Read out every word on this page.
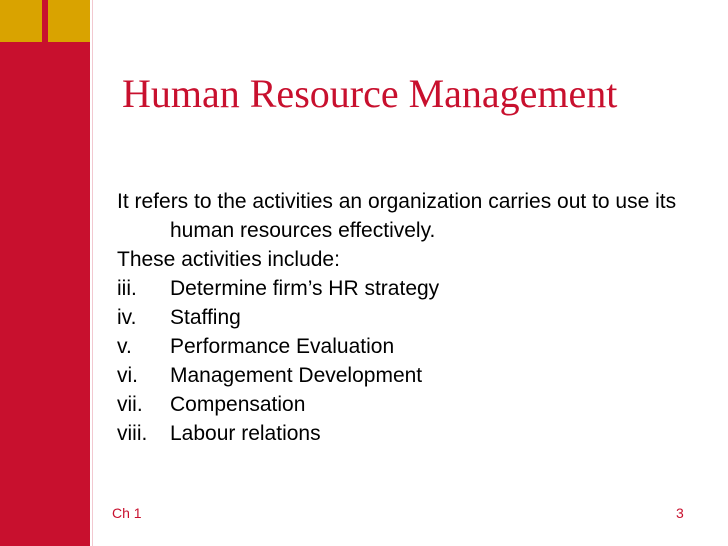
Human Resource Management
It refers to the activities an organization carries out to use its human resources effectively.
These activities include:
iii.	Determine firm’s HR strategy
iv.	Staffing
v.	Performance Evaluation
vi.	Management Development
vii.	Compensation
viii.	Labour relations
Ch 1	3
